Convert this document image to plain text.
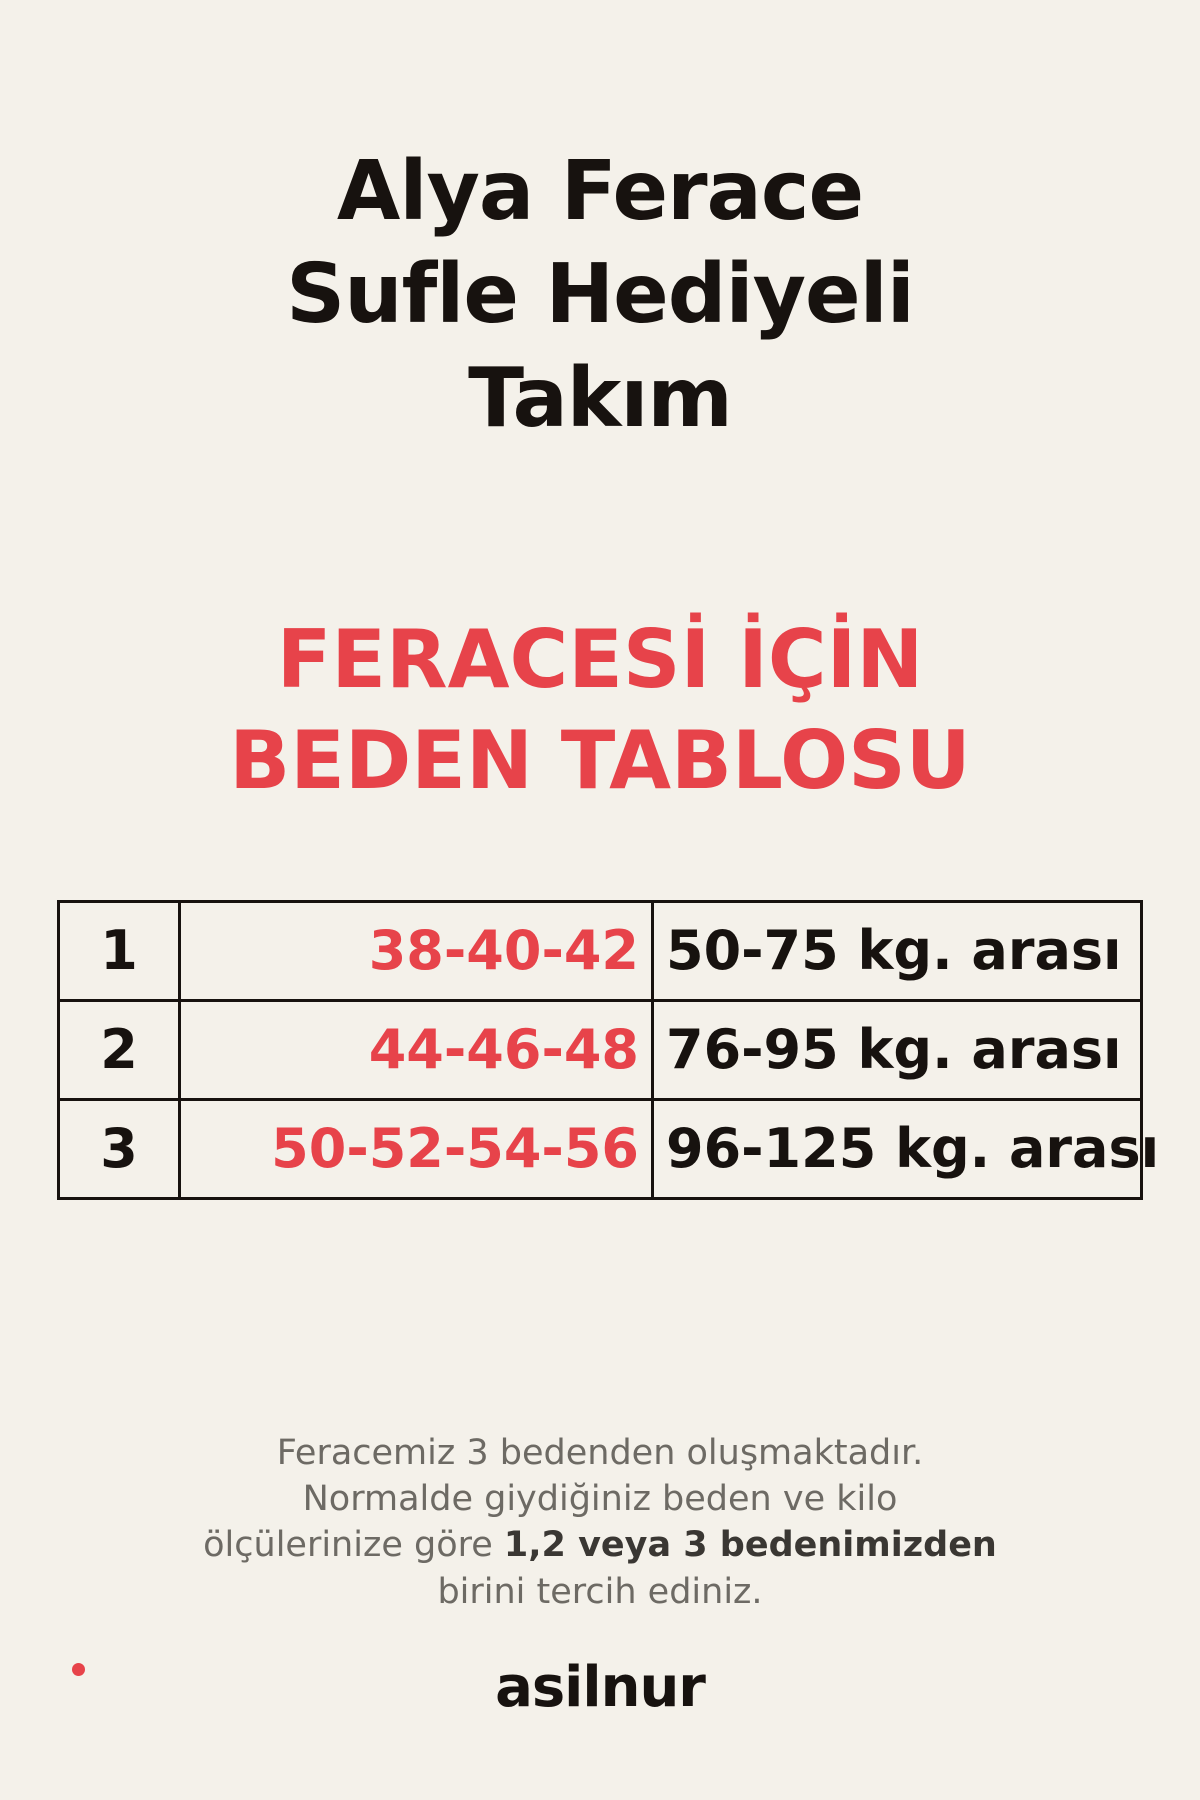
Alya Ferace
Sufle Hediyeli
Takım
FERACESİ İÇİN
BEDEN TABLOSU
1	38-40-42	50-75 kg. arası
2	44-46-48	76-95 kg. arası
3	50-52-54-56	96-125 kg. arası
Feracemiz 3 bedenden oluşmaktadır.
Normalde giydiğiniz beden ve kilo
ölçülerinize göre 1,2 veya 3 bedenimizden
birini tercih ediniz.
asilnur
